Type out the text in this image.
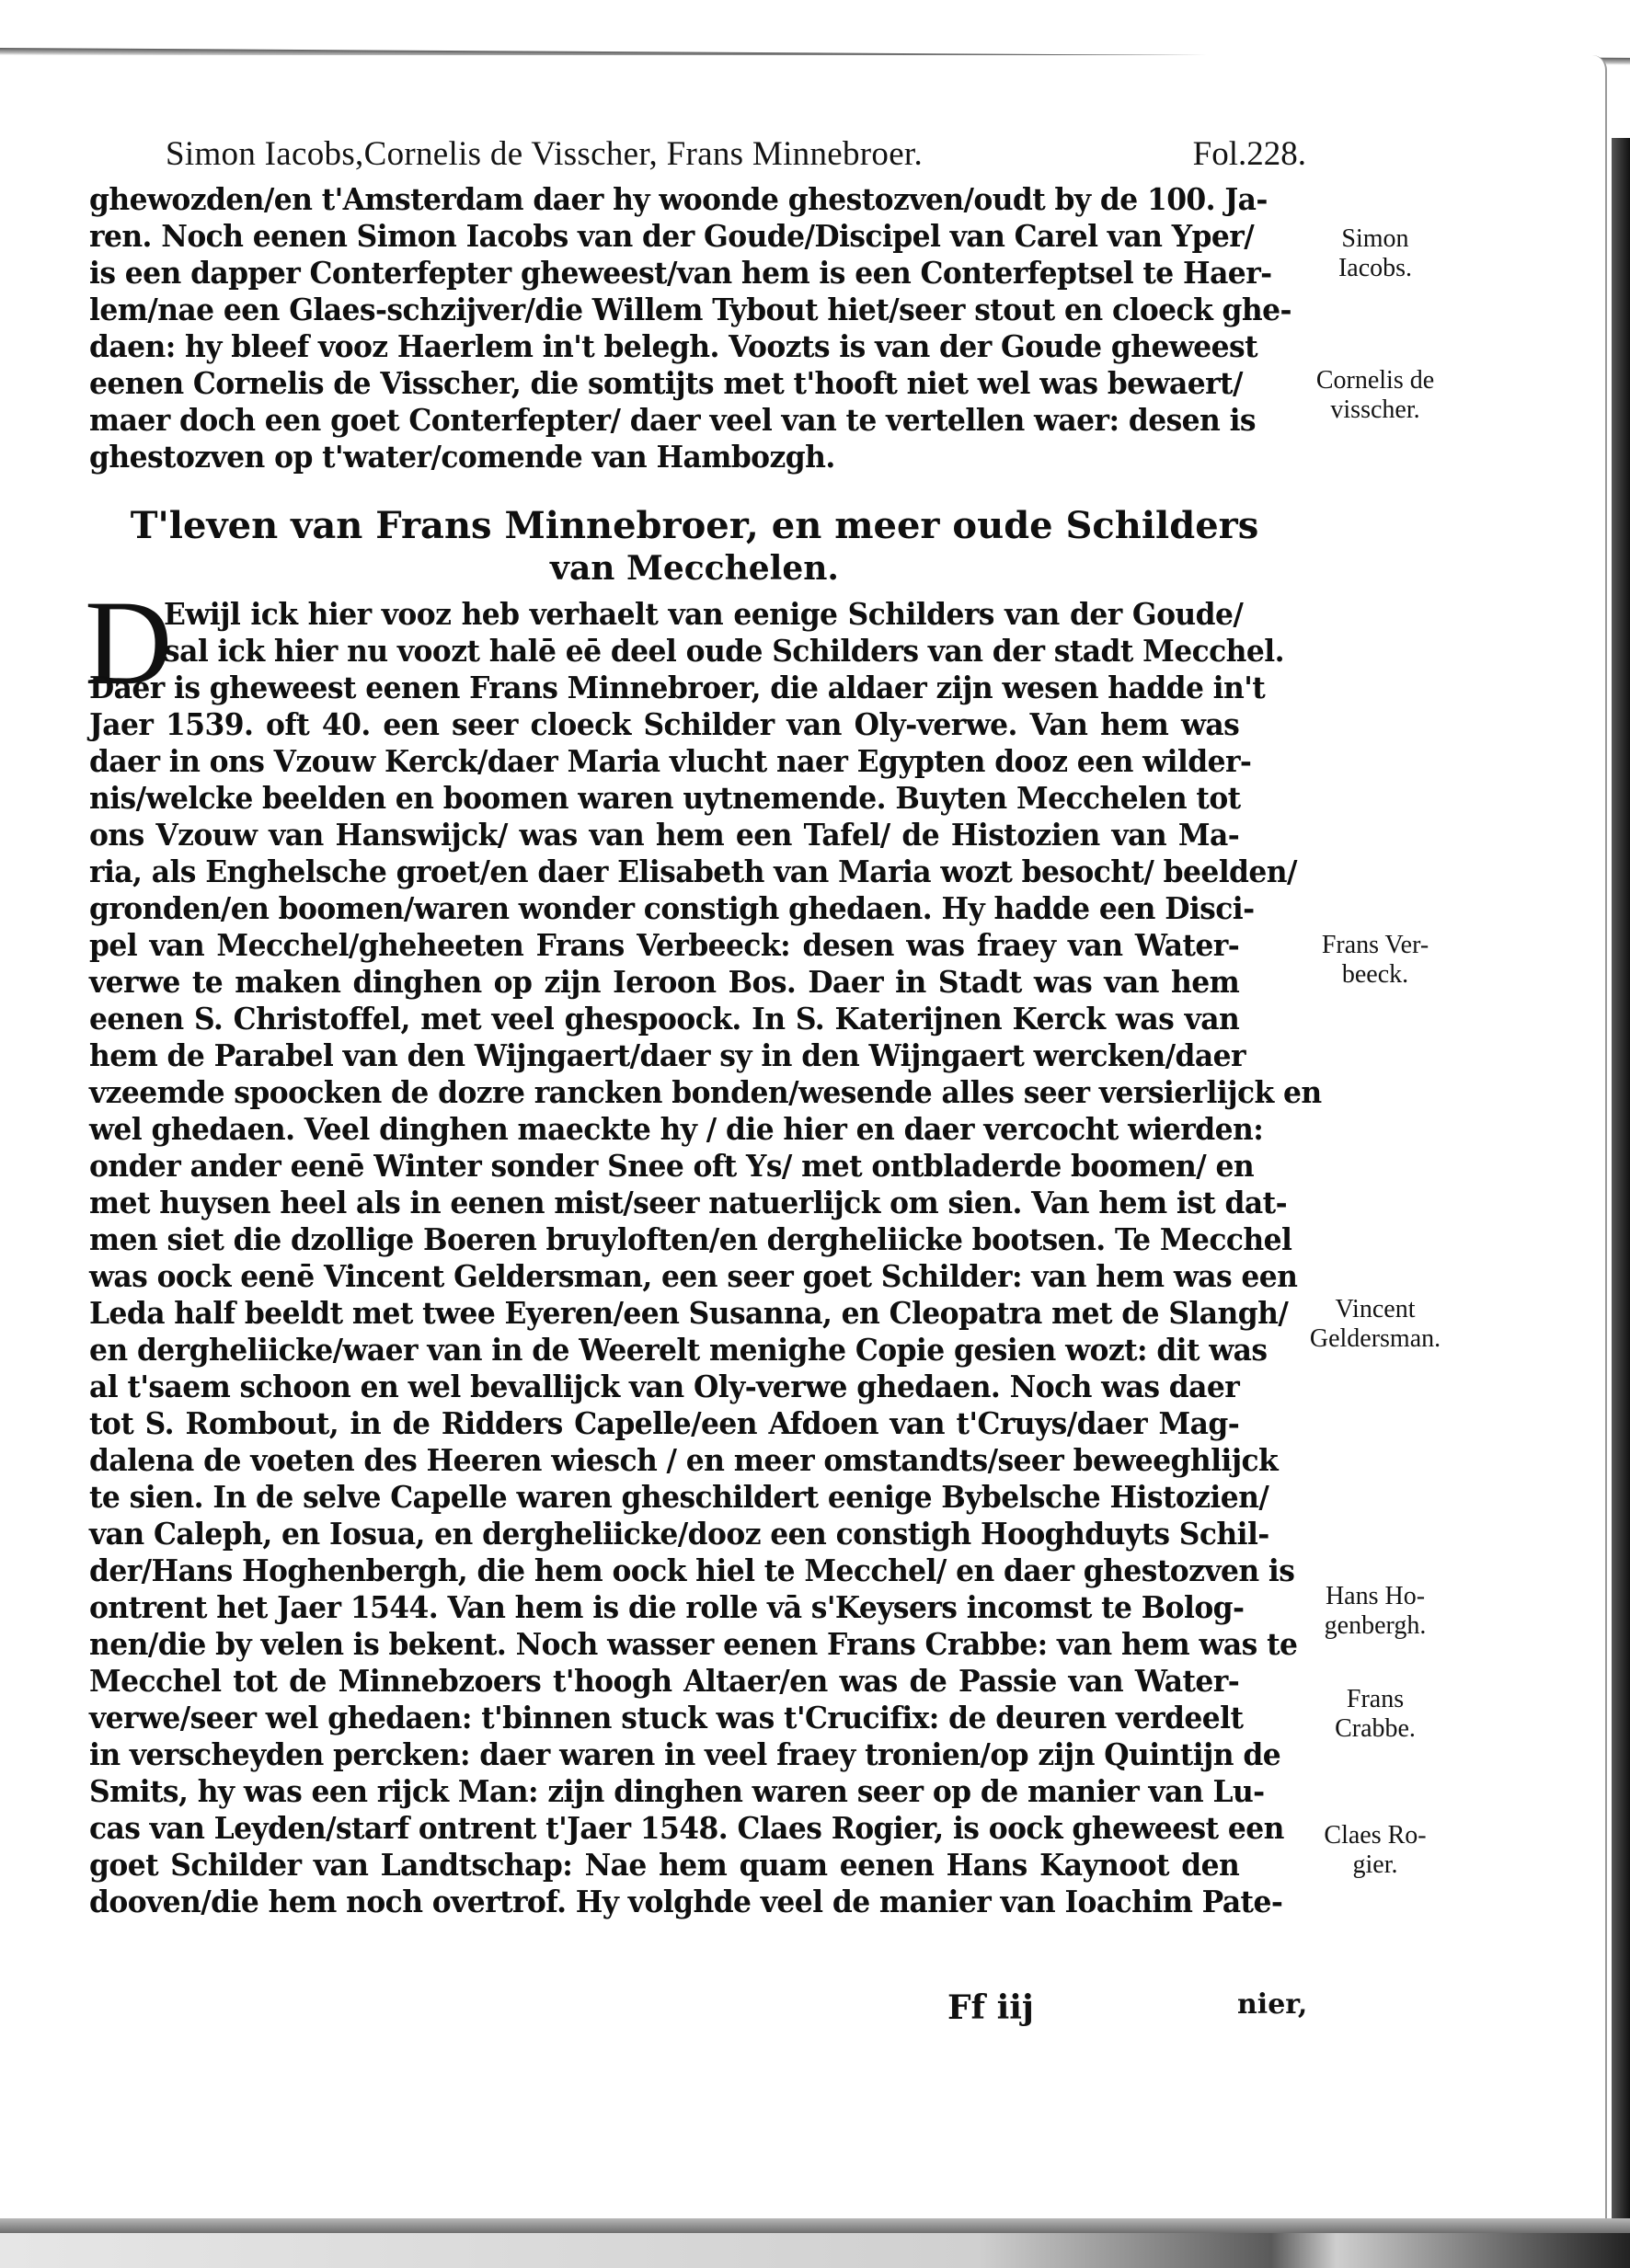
Simon Iacobs,Cornelis de Visscher, Frans Minnebroer.	Fol.228.
ghewozden/en t'Amsterdam daer hy woonde ghestozven/oudt by de 100. Ja-
ren. Noch eenen Simon Iacobs van der Goude/Discipel van Carel van Yper/
is een dapper Conterfepter gheweest/van hem is een Conterfeptsel te Haer-
lem/nae een Glaes-schzijver/die Willem Tybout hiet/seer stout en cloeck ghe-
daen: hy bleef vooz Haerlem in't belegh. Voozts is van der Goude gheweest
eenen Cornelis de Visscher, die somtijts met t'hooft niet wel was bewaert/
maer doch een goet Conterfepter/ daer veel van te vertellen waer: desen is
ghestozven op t'water/comende van Hambozgh.
T'leven van Frans Minnebroer, en meer oude Schilders
van Mecchelen.
D
Ewijl ick hier vooz heb verhaelt van eenige Schilders van der Goude/
sal ick hier nu voozt halē eē deel oude Schilders van der stadt Mecchel.
Daer is gheweest eenen Frans Minnebroer, die aldaer zijn wesen hadde in't
Jaer 1539. oft 40. een seer cloeck Schilder van Oly-verwe. Van hem was
daer in ons Vzouw Kerck/daer Maria vlucht naer Egypten dooz een wilder-
nis/welcke beelden en boomen waren uytnemende. Buyten Mecchelen tot
ons Vzouw van Hanswijck/ was van hem een Tafel/ de Histozien van Ma-
ria, als Enghelsche groet/en daer Elisabeth van Maria wozt besocht/ beelden/
gronden/en boomen/waren wonder constigh ghedaen. Hy hadde een Disci-
pel van Mecchel/gheheeten Frans Verbeeck: desen was fraey van Water-
verwe te maken dinghen op zijn Ieroon Bos. Daer in Stadt was van hem
eenen S. Christoffel, met veel ghespoock. In S. Katerijnen Kerck was van
hem de Parabel van den Wijngaert/daer sy in den Wijngaert wercken/daer
vzeemde spoocken de dozre rancken bonden/wesende alles seer versierlijck en
wel ghedaen. Veel dinghen maeckte hy / die hier en daer vercocht wierden:
onder ander eenē Winter sonder Snee oft Ys/ met ontbladerde boomen/ en
met huysen heel als in eenen mist/seer natuerlijck om sien. Van hem ist dat-
men siet die dzollige Boeren bruyloften/en dergheliicke bootsen. Te Mecchel
was oock eenē Vincent Geldersman, een seer goet Schilder: van hem was een
Leda half beeldt met twee Eyeren/een Susanna, en Cleopatra met de Slangh/
en dergheliicke/waer van in de Weerelt menighe Copie gesien wozt: dit was
al t'saem schoon en wel bevallijck van Oly-verwe ghedaen. Noch was daer
tot S. Rombout, in de Ridders Capelle/een Afdoen van t'Cruys/daer Mag-
dalena de voeten des Heeren wiesch / en meer omstandts/seer beweeghlijck
te sien. In de selve Capelle waren gheschildert eenige Bybelsche Histozien/
van Caleph, en Iosua, en dergheliicke/dooz een constigh Hooghduyts Schil-
der/Hans Hoghenbergh, die hem oock hiel te Mecchel/ en daer ghestozven is
ontrent het Jaer 1544. Van hem is die rolle vā s'Keysers incomst te Bolog-
nen/die by velen is bekent. Noch wasser eenen Frans Crabbe: van hem was te
Mecchel tot de Minnebzoers t'hoogh Altaer/en was de Passie van Water-
verwe/seer wel ghedaen: t'binnen stuck was t'Crucifix: de deuren verdeelt
in verscheyden percken: daer waren in veel fraey tronien/op zijn Quintijn de
Smits, hy was een rijck Man: zijn dinghen waren seer op de manier van Lu-
cas van Leyden/starf ontrent t'Jaer 1548. Claes Rogier, is oock gheweest een
goet Schilder van Landtschap: Nae hem quam eenen Hans Kaynoot den
dooven/die hem noch overtrof. Hy volghde veel de manier van Ioachim Pate-
Simon Iacobs.
Cornelis de visscher.
Frans Ver-beeck.
Vincent Geldersman.
Hans Ho-genbergh.
Frans Crabbe.
Claes Ro-gier.
Ff iij	nier,
